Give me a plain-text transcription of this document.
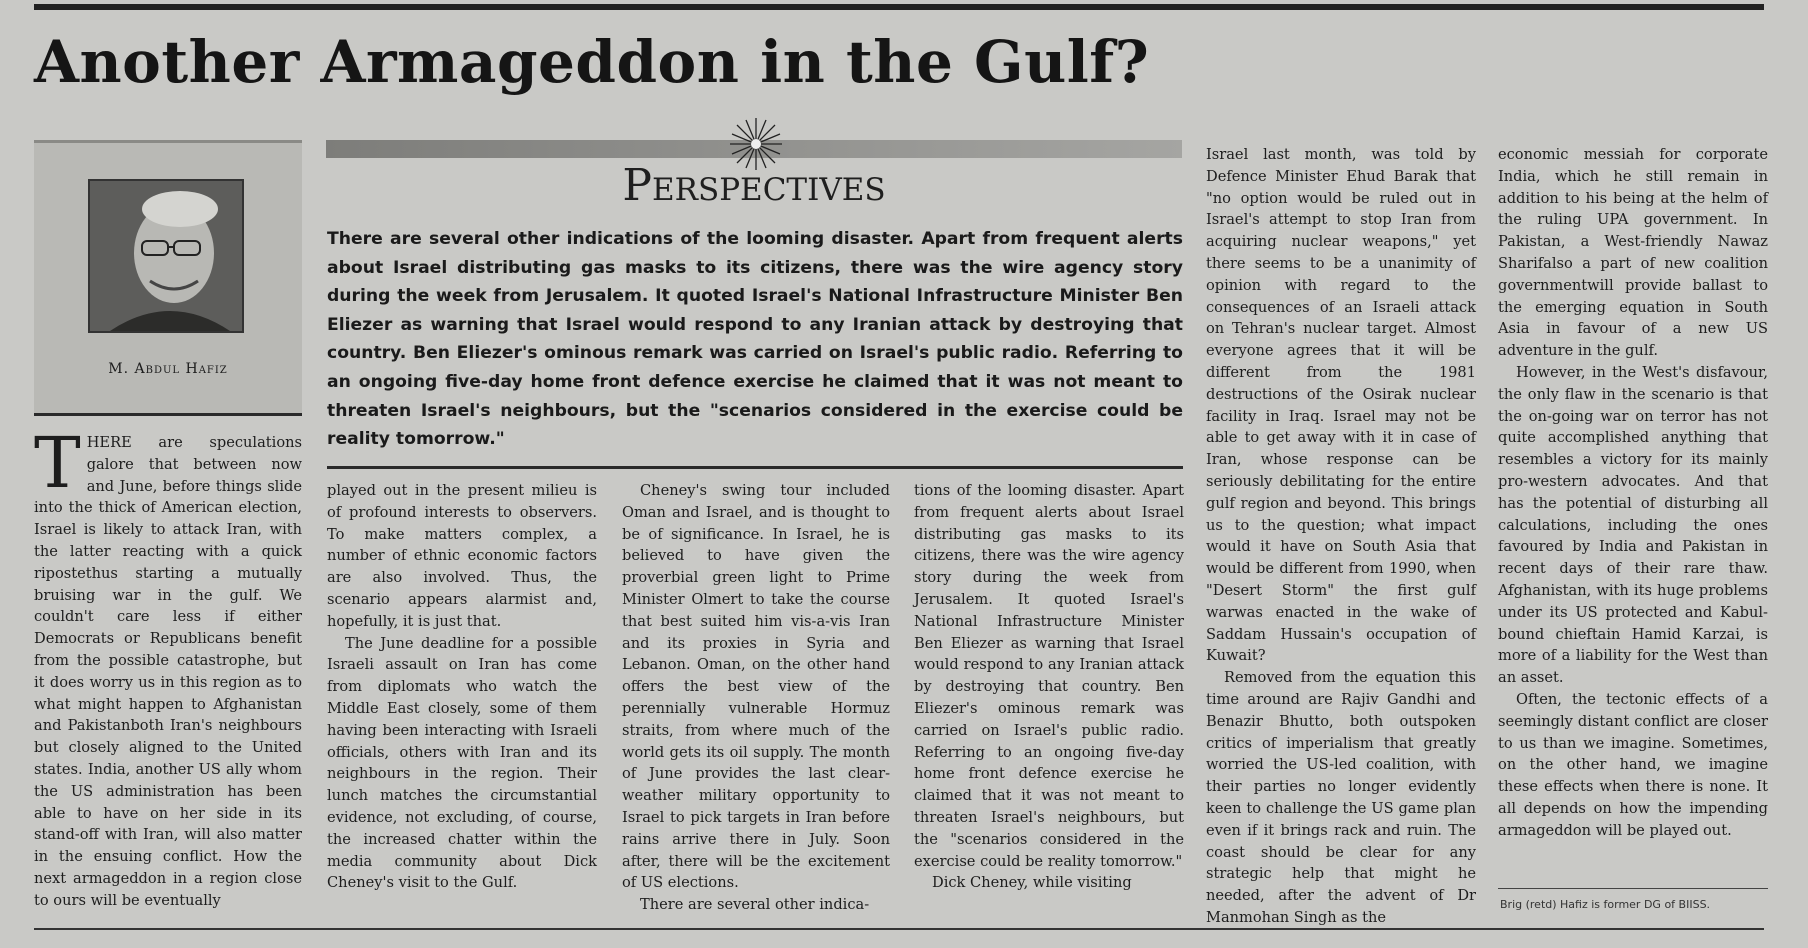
Another Armageddon in the Gulf?
M. Abdul Hafiz
Perspectives

There are several other indications of the looming disaster. Apart from frequent alerts about Israel distributing gas masks to its citizens, there was the wire agency story during the week from Jerusalem. It quoted Israel's National Infrastructure Minister Ben Eliezer as warning that Israel would respond to any Iranian attack by destroying that country. Ben Eliezer's ominous remark was carried on Israel's public radio. Referring to an ongoing five-day home front defence exercise he claimed that it was not meant to threaten Israel's neighbours, but the "scenarios considered in the exercise could be reality tomorrow."

T HERE are speculations galore that between now and June, before things slide into the thick of American election, Israel is likely to attack Iran, with the latter reacting with a quick ripostethus starting a mutually bruising war in the gulf. We couldn't care less if either Democrats or Republicans benefit from the possible catastrophe, but it does worry us in this region as to what might happen to Afghanistan and Pakistanboth Iran's neighbours but closely aligned to the United states. India, another US ally whom the US administration has been able to have on her side in its stand-off with Iran, will also matter in the ensuing conflict. How the next armageddon in a region close to ours will be eventually

played out in the present milieu is of profound interests to observers. To make matters complex, a number of ethnic economic factors are also involved. Thus, the scenario appears alarmist and, hopefully, it is just that.

The June deadline for a possible Israeli assault on Iran has come from diplomats who watch the Middle East closely, some of them having been interacting with Israeli officials, others with Iran and its neighbours in the region. Their lunch matches the circumstantial evidence, not excluding, of course, the increased chatter within the media community about Dick Cheney's visit to the Gulf.

Cheney's swing tour included Oman and Israel, and is thought to be of significance. In Israel, he is believed to have given the proverbial green light to Prime Minister Olmert to take the course that best suited him vis-a-vis Iran and its proxies in Syria and Lebanon. Oman, on the other hand offers the best view of the perennially vulnerable Hormuz straits, from where much of the world gets its oil supply. The month of June provides the last clear-weather military opportunity to Israel to pick targets in Iran before rains arrive there in July. Soon after, there will be the excitement of US elections.

There are several other indica-

tions of the looming disaster. Apart from frequent alerts about Israel distributing gas masks to its citizens, there was the wire agency story during the week from Jerusalem. It quoted Israel's National Infrastructure Minister Ben Eliezer as warning that Israel would respond to any Iranian attack by destroying that country. Ben Eliezer's ominous remark was carried on Israel's public radio. Referring to an ongoing five-day home front defence exercise he claimed that it was not meant to threaten Israel's neighbours, but the "scenarios considered in the exercise could be reality tomorrow."

Dick Cheney, while visiting

Israel last month, was told by Defence Minister Ehud Barak that "no option would be ruled out in Israel's attempt to stop Iran from acquiring nuclear weapons," yet there seems to be a unanimity of opinion with regard to the consequences of an Israeli attack on Tehran's nuclear target. Almost everyone agrees that it will be different from the 1981 destructions of the Osirak nuclear facility in Iraq. Israel may not be able to get away with it in case of Iran, whose response can be seriously debilitating for the entire gulf region and beyond. This brings us to the question; what impact would it have on South Asia that would be different from 1990, when "Desert Storm" the first gulf warwas enacted in the wake of Saddam Hussain's occupation of Kuwait?

Removed from the equation this time around are Rajiv Gandhi and Benazir Bhutto, both outspoken critics of imperialism that greatly worried the US-led coalition, with their parties no longer evidently keen to challenge the US game plan even if it brings rack and ruin. The coast should be clear for any strategic help that might he needed, after the advent of Dr Manmohan Singh as the

economic messiah for corporate India, which he still remain in addition to his being at the helm of the ruling UPA government. In Pakistan, a West-friendly Nawaz Sharifalso a part of new coalition governmentwill provide ballast to the emerging equation in South Asia in favour of a new US adventure in the gulf.

However, in the West's disfavour, the only flaw in the scenario is that the on-going war on terror has not quite accomplished anything that resembles a victory for its mainly pro-western advocates. And that has the potential of disturbing all calculations, including the ones favoured by India and Pakistan in recent days of their rare thaw. Afghanistan, with its huge problems under its US protected and Kabul-bound chieftain Hamid Karzai, is more of a liability for the West than an asset.

Often, the tectonic effects of a seemingly distant conflict are closer to us than we imagine. Sometimes, on the other hand, we imagine these effects when there is none. It all depends on how the impending armageddon will be played out.

Brig (retd) Hafiz is former DG of BIISS.
